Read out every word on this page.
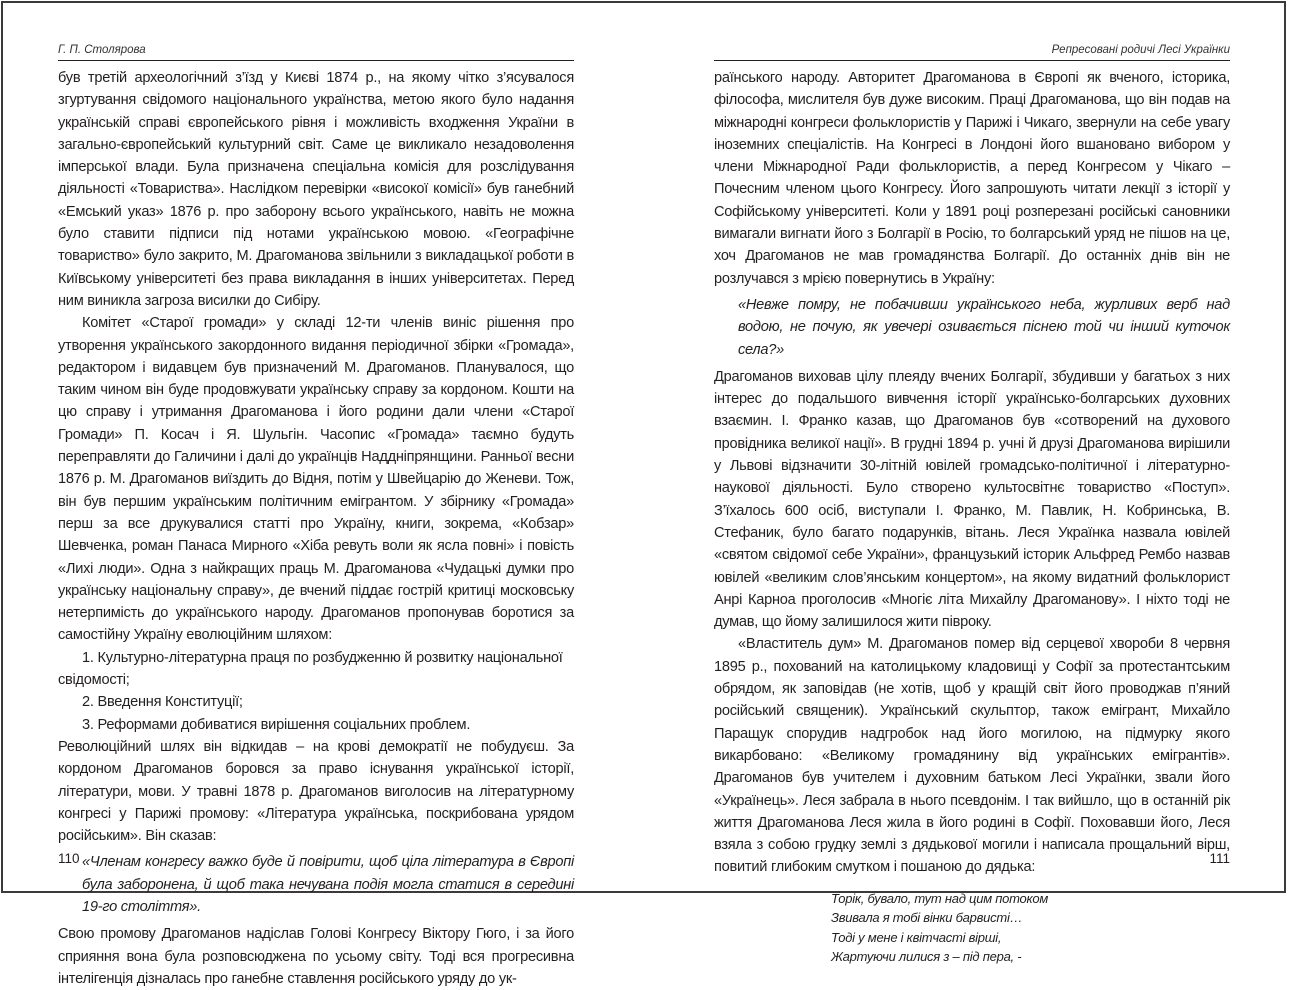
Г. П. Столярова

був третій археологічний з’їзд у Києві 1874 р., на якому чітко з’ясувалося згуртування свідомого національного українства, метою якого було надання українській справі європейського рівня і можливість входження України в загально-європейський культурний світ. Саме це викликало незадоволення імперської влади. Була призначена спеціальна комісія для розслідування діяльності «Товариства». Наслідком перевірки «високої комісії» був ганебний «Емський указ» 1876 р. про заборону всього українського, навіть не можна було ставити підписи під нотами українською мовою. «Географічне товариство» було закрито, М. Драгоманова звільнили з викладацької роботи в Київському університеті без права викладання в інших університетах. Перед ним виникла загроза висилки до Сибіру.

Комітет «Старої громади» у складі 12-ти членів виніс рішення про утворення українського закордонного видання періодичної збірки «Громада», редактором і видавцем був призначений М. Драгоманов. Планувалося, що таким чином він буде продовжувати українську справу за кордоном. Кошти на цю справу і утримання Драгоманова і його родини дали члени «Старої Громади» П. Косач і Я. Шульгін. Часопис «Громада» таємно будуть переправляти до Галичини і далі до українців Наддніпрянщини. Ранньої весни 1876 р. М. Драгоманов виїздить до Відня, потім у Швейцарію до Женеви. Тож, він був першим українським політичним емігрантом. У збірнику «Громада» перш за все друкувалися статті про Україну, книги, зокрема, «Кобзар» Шевченка, роман Панаса Мирного «Хіба ревуть воли як ясла повні» і повість «Лихі люди». Одна з найкращих праць М. Драгоманова «Чудацькі думки про українську національну справу», де вчений піддає гострій критиці московську нетерпимість до українського народу. Драгоманов пропонував боротися за самостійну Україну еволюційним шляхом:

1. Культурно-літературна праця по розбудженню й розвитку національної свідомості;

2. Введення Конституції;

3. Реформами добиватися вирішення соціальних проблем.

Революційний шлях він відкидав – на крові демократії не побудуєш. За кордоном Драгоманов боровся за право існування української історії, літератури, мови. У травні 1878 р. Драгоманов виголосив на літературному конгресі у Парижі промову: «Література українська, поскрибована урядом російським». Він сказав:

«Членам конгресу важко буде й повірити, щоб ціла література в Європі була заборонена, й щоб така нечувана подія могла статися в середині 19-го століття».

Свою промову Драгоманов надіслав Голові Конгресу Віктору Гюго, і за його сприяння вона була розповсюджена по усьому світу. Тоді вся прогресивна інтелігенція дізналась про ганебне ставлення російського уряду до ук-

110
Репресовані родичі Лесі Українки

раїнського народу. Авторитет Драгоманова в Європі як вченого, історика, філософа, мислителя був дуже високим. Праці Драгоманова, що він подав на міжнародні конгреси фольклористів у Парижі і Чикаго, звернули на себе увагу іноземних спеціалістів. На Конгресі в Лондоні його вшановано вибором у члени Міжнародної Ради фольклористів, а перед Конгресом у Чікаго – Почесним членом цього Конгресу. Його запрошують читати лекції з історії у Софійському університеті. Коли у 1891 році розперезані російські сановники вимагали вигнати його з Болгарії в Росію, то болгарський уряд не пішов на це, хоч Драгоманов не мав громадянства Болгарії. До останніх днів він не розлучався з мрією повернутись в Україну:

«Невже помру, не побачивши українського неба, журливих верб над водою, не почую, як увечері озивається піснею той чи інший куточок села?»

Драгоманов виховав цілу плеяду вчених Болгарії, збудивши у багатьох з них інтерес до подальшого вивчення історії українсько-болгарських духовних взаємин. І. Франко казав, що Драгоманов був «сотворений на духового провідника великої нації». В грудні 1894 р. учні й друзі Драгоманова вирішили у Львові відзначити 30-літній ювілей громадсько-політичної і літературно-наукової діяльності. Було створено культосвітнє товариство «Поступ». З’їхалось 600 осіб, виступали І. Франко, М. Павлик, Н. Кобринська, В. Стефаник, було багато подарунків, вітань. Леся Українка назвала ювілей «святом свідомої себе України», французький історик Альфред Рембо назвав ювілей «великим слов’янським концертом», на якому видатний фольклорист Анрі Карноа проголосив «Многіє літа Михайлу Драгоманову». І ніхто тоді не думав, що йому залишилося жити півроку.

«Властитель дум» М. Драгоманов помер від серцевої хвороби 8 червня 1895 р., похований на католицькому кладовищі у Софії за протестантським обрядом, як заповідав (не хотів, щоб у кращій світ його проводжав п’яний російський священик). Український скульптор, також емігрант, Михайло Паращук спорудив надгробок над його могилою, на підмурку якого викарбовано: «Великому громадянину від українських емігрантів». Драгоманов був учителем і духовним батьком Лесі Українки, звали його «Українець». Леся забрала в нього псевдонім. І так вийшло, що в останній рік життя Драгоманова Леся жила в його родині в Софії. Поховавши його, Леся взяла з собою грудку землі з дядькової могили і написала прощальний вірш, повитий глибоким смутком і пошаною до дядька:

Торік, бувало, тут над цим потоком
Звивала я тобі вінки барвисті…
Тоді у мене і квітчасті вірші,
Жартуючи лилися з – під пера, -
111
